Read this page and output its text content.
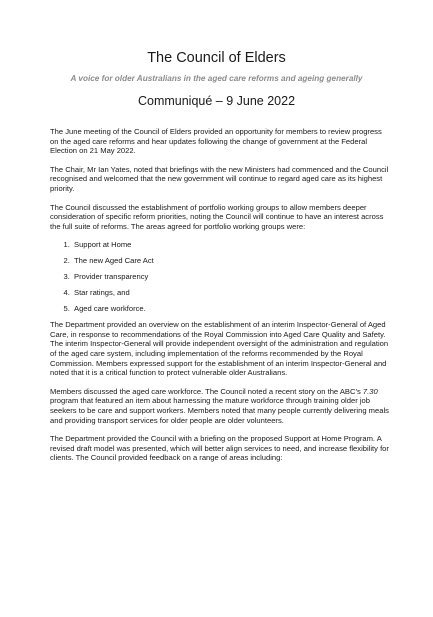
The Council of Elders
A voice for older Australians in the aged care reforms and ageing generally
Communiqué – 9 June 2022

The June meeting of the Council of Elders provided an opportunity for members to review progress on the aged care reforms and hear updates following the change of government at the Federal Election on 21 May 2022.

The Chair, Mr Ian Yates, noted that briefings with the new Ministers had commenced and the Council recognised and welcomed that the new government will continue to regard aged care as its highest priority.

The Council discussed the establishment of portfolio working groups to allow members deeper consideration of specific reform priorities, noting the Council will continue to have an interest across the full suite of reforms. The areas agreed for portfolio working groups were:

1. Support at Home
2. The new Aged Care Act
3. Provider transparency
4. Star ratings, and
5. Aged care workforce.

The Department provided an overview on the establishment of an interim Inspector-General of Aged Care, in response to recommendations of the Royal Commission into Aged Care Quality and Safety. The interim Inspector-General will provide independent oversight of the administration and regulation of the aged care system, including implementation of the reforms recommended by the Royal Commission. Members expressed support for the establishment of an interim Inspector-General and noted that it is a critical function to protect vulnerable older Australians.

Members discussed the aged care workforce. The Council noted a recent story on the ABC’s 7.30 program that featured an item about harnessing the mature workforce through training older job seekers to be care and support workers. Members noted that many people currently delivering meals and providing transport services for older people are older volunteers.

The Department provided the Council with a briefing on the proposed Support at Home Program. A revised draft model was presented, which will better align services to need, and increase flexibility for clients. The Council provided feedback on a range of areas including:
